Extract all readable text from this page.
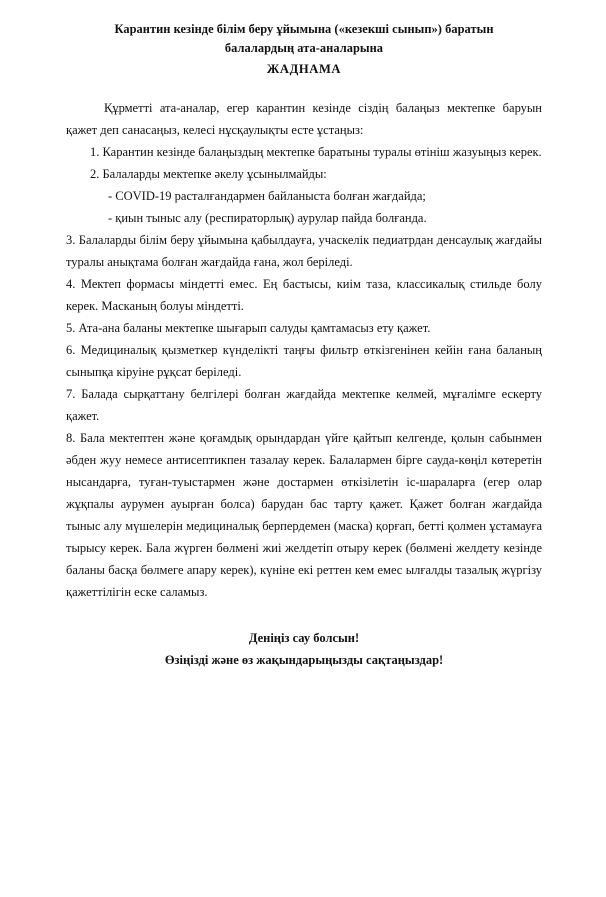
Карантин кезінде білім беру ұйымына («кезекші сынып») баратын
балалардың ата-аналарына
ЖАДНАМА

Құрметті ата-аналар, егер карантин кезінде сіздің балаңыз мектепке баруын қажет деп санасаңыз, келесі нұсқаулықты есте ұстаңыз:

1. Карантин кезінде балаңыздың мектепке баратыны туралы өтініш жазуыңыз керек.

2. Балаларды мектепке әкелу ұсынылмайды:

- COVID-19 расталғандармен байланыста болған жағдайда;

- қиын тыныс алу (респираторлық) аурулар пайда болғанда.

3. Балаларды білім беру ұйымына қабылдауға, учаскелік педиатрдан денсаулық жағдайы туралы анықтама болған жағдайда ғана, жол беріледі.

4. Мектеп формасы міндетті емес. Ең бастысы, киім таза, классикалық стильде болу керек. Масканың болуы міндетті.

5. Ата-ана баланы мектепке шығарып салуды қамтамасыз ету қажет.

6. Медициналық қызметкер күнделікті таңғы фильтр өткізгенінен кейін ғана баланың сыныпқа кіруіне рұқсат беріледі.

7. Балада сырқаттану белгілері болған жағдайда мектепке келмей, мұғалімге ескерту қажет.

8. Бала мектептен және қоғамдық орындардан үйге қайтып келгенде, қолын сабынмен әбден жуу немесе антисептикпен тазалау керек. Балалармен бірге сауда-көңіл көтеретін нысандарға, туған-туыстармен және достармен өткізілетін іс-шараларға (егер олар жұқпалы аурумен ауырған болса) барудан бас тарту қажет. Қажет болған жағдайда тыныс алу мүшелерін медициналық берпердемен (маска) қорғап, бетті қолмен ұстамауға тырысу керек. Бала жүрген бөлмені жиі желдетіп отыру керек (бөлмені желдету кезінде баланы басқа бөлмеге апару керек), күніне екі реттен кем емес ылғалды тазалық жүргізу қажеттілігін еске саламыз.

Деніңіз сау болсын!
Өзіңізді және өз жақындарыңызды сақтаңыздар!
